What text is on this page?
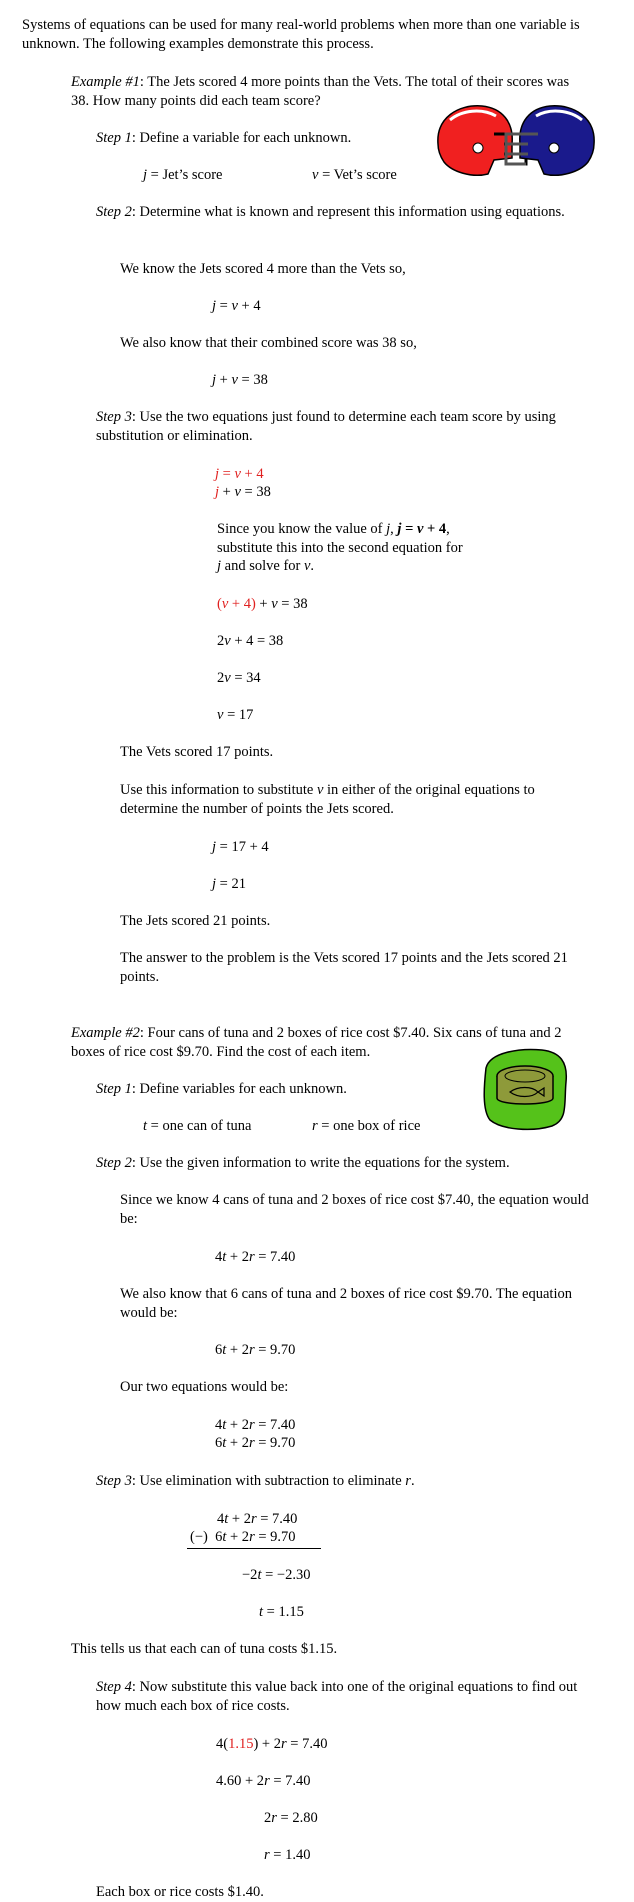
Systems of equations can be used for many real-world problems when more than one variable is unknown. The following examples demonstrate this process.

Example #1: The Jets scored 4 more points than the Vets. The total of their scores was 38. How many points did each team score?

Step 1: Define a variable for each unknown.

j = Jet’s score	v = Vet’s score

Step 2: Determine what is known and represent this information using equations.

We know the Jets scored 4 more than the Vets so,

j = v + 4

We also know that their combined score was 38 so,

j + v = 38

Step 3: Use the two equations just found to determine each team score by using substitution or elimination.

j = v + 4

j + v = 38

Since you know the value of j, j = v + 4, substitute this into the second equation for j and solve for v.

(v + 4) + v = 38

2v + 4 = 38

2v = 34

v = 17

The Vets scored 17 points.

Use this information to substitute v in either of the original equations to determine the number of points the Jets scored.

j = 17 + 4

j = 21

The Jets scored 21 points.

The answer to the problem is the Vets scored 17 points and the Jets scored 21 points.

Example #2: Four cans of tuna and 2 boxes of rice cost $7.40. Six cans of tuna and 2 boxes of rice cost $9.70. Find the cost of each item.

Step 1: Define variables for each unknown.

t = one can of tuna	r = one box of rice

Step 2: Use the given information to write the equations for the system.

Since we know 4 cans of tuna and 2 boxes of rice cost $7.40, the equation would be:

4t + 2r = 7.40

We also know that 6 cans of tuna and 2 boxes of rice cost $9.70. The equation would be:

6t + 2r = 9.70

Our two equations would be:

4t + 2r = 7.40

6t + 2r = 9.70

Step 3: Use elimination with subtraction to eliminate r.

4t + 2r = 7.40

(−)  6t + 2r = 9.70

−2t = −2.30

t = 1.15

This tells us that each can of tuna costs $1.15.

Step 4: Now substitute this value back into one of the original equations to find out how much each box of rice costs.

4(1.15) + 2r = 7.40

4.60 + 2r = 7.40

2r = 2.80

r = 1.40

Each box or rice costs $1.40.
